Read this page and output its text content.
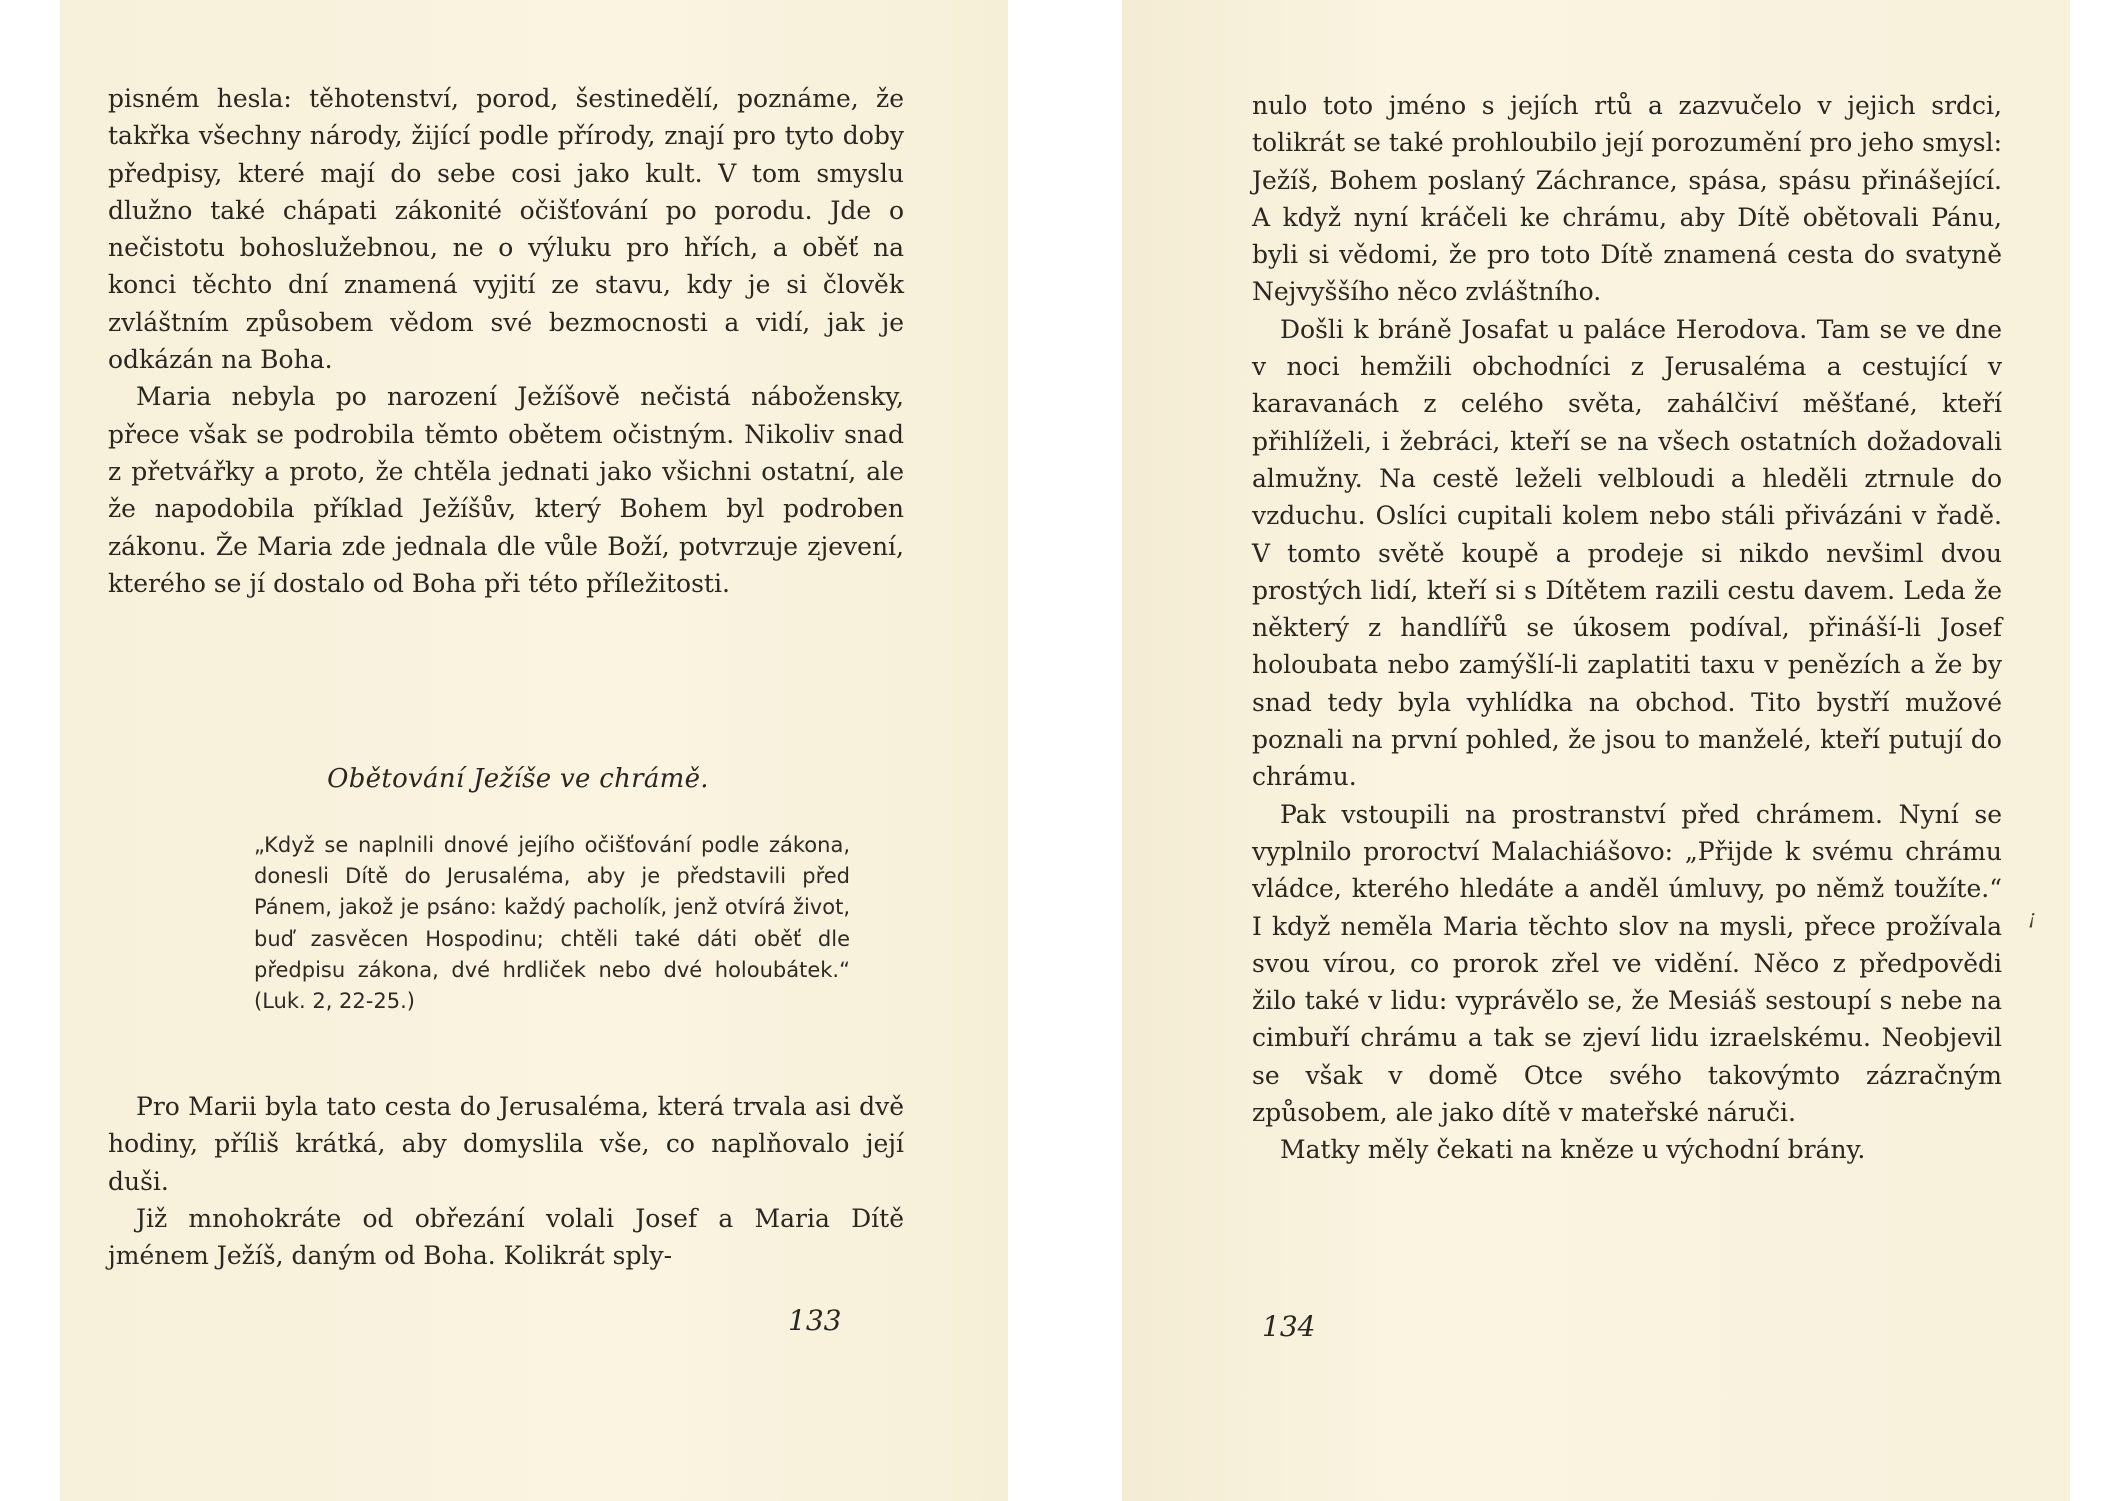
pisném hesla: těhotenství, porod, šestinedělí, poznáme, že takřka všechny národy, žijící podle přírody, znají pro tyto doby předpisy, které mají do sebe cosi jako kult. V tom smyslu dlužno také chápati zákonité očišťování po porodu. Jde o nečistotu bohoslužebnou, ne o výluku pro hřích, a oběť na konci těchto dní znamená vyjití ze stavu, kdy je si člověk zvláštním způsobem vědom své bezmocnosti a vidí, jak je odkázán na Boha.

Maria nebyla po narození Ježíšově nečistá nábožensky, přece však se podrobila těmto obětem očistným. Nikoliv snad z přetvářky a proto, že chtěla jednati jako všichni ostatní, ale že napodobila příklad Ježíšův, který Bohem byl podroben zákonu. Že Maria zde jednala dle vůle Boží, potvrzuje zjevení, kterého se jí dostalo od Boha při této příležitosti.

Obětování Ježíše ve chrámě.

„Když se naplnili dnové jejího očišťování podle zákona, donesli Dítě do Jerusaléma, aby je představili před Pánem, jakož je psáno: každý pacholík, jenž otvírá život, buď zasvěcen Hospodinu; chtěli také dáti oběť dle předpisu zákona, dvé hrdliček nebo dvé holoubátek.“ (Luk. 2, 22-25.)

Pro Marii byla tato cesta do Jerusaléma, která trvala asi dvě hodiny, příliš krátká, aby domyslila vše, co naplňovalo její duši.

Již mnohokráte od obřezání volali Josef a Maria Dítě jménem Ježíš, daným od Boha. Kolikrát sply-

133

nulo toto jméno s jejích rtů a zazvučelo v jejich srdci, tolikrát se také prohloubilo její porozumění pro jeho smysl: Ježíš, Bohem poslaný Záchrance, spása, spásu přinášející. A když nyní kráčeli ke chrámu, aby Dítě obětovali Pánu, byli si vědomi, že pro toto Dítě znamená cesta do svatyně Nejvyššího něco zvláštního.

Došli k bráně Josafat u paláce Herodova. Tam se ve dne v noci hemžili obchodníci z Jerusaléma a cestující v karavanách z celého světa, zahálčiví měšťané, kteří přihlíželi, i žebráci, kteří se na všech ostatních dožadovali almužny. Na cestě leželi velbloudi a hleděli ztrnule do vzduchu. Oslíci cupitali kolem nebo stáli přivázáni v řadě. V tomto světě koupě a prodeje si nikdo nevšiml dvou prostých lidí, kteří si s Dítětem razili cestu davem. Leda že některý z handlířů se úkosem podíval, přináší-li Josef holoubata nebo zamýšlí-li zaplatiti taxu v penězích a že by snad tedy byla vyhlídka na obchod. Tito bystří mužové poznali na první pohled, že jsou to manželé, kteří putují do chrámu.

Pak vstoupili na prostranství před chrámem. Nyní se vyplnilo proroctví Malachiášovo: „Přijde k svému chrámu vládce, kterého hledáte a anděl úmluvy, po němž toužíte.“ I když neměla Maria těchto slov na mysli, přece prožívala svou vírou, co prorok zřel ve vidění. Něco z předpovědi žilo také v lidu: vyprávělo se, že Mesiáš sestoupí s nebe na cimbuří chrámu a tak se zjeví lidu izraelskému. Neobjevil se však v domě Otce svého takovýmto zázračným způsobem, ale jako dítě v mateřské náruči.

Matky měly čekati na kněze u východní brány.

¡
134
